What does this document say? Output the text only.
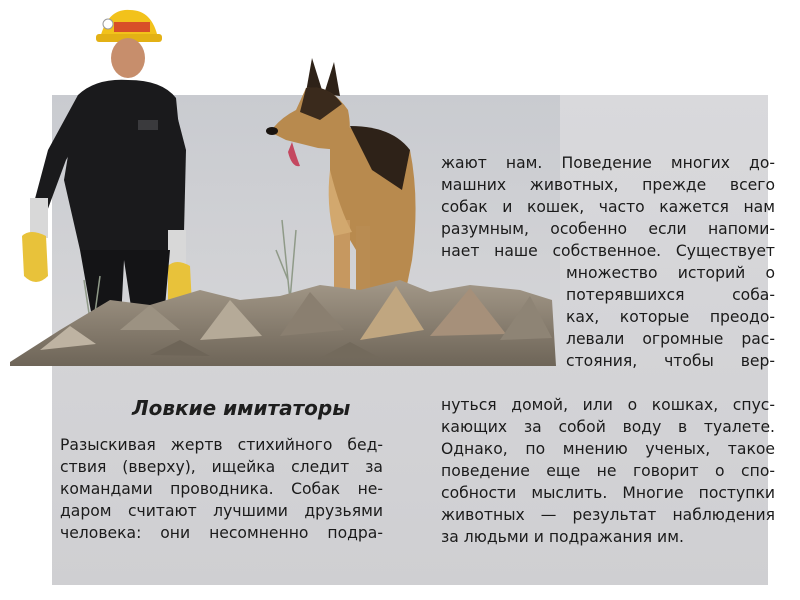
Ловкие имитаторы

Разыскивая жертв стихийного бед-
ствия (вверху), ищейка следит за
командами проводника. Собак не-
даром считают лучшими друзьями
человека: они несомненно подра-

жают нам. Поведение многих до-
машних животных, прежде всего
собак и кошек, часто кажется нам
разумным, особенно если напоми-
нает наше собственное. Существует

множество историй о
потерявшихся соба-
ках, которые преодо-
левали огромные рас-
стояния, чтобы вер-

нуться домой, или о кошках, спус-
кающих за собой воду в туалете.
Однако, по мнению ученых, такое
поведение еще не говорит о спо-
собности мыслить. Многие поступки
животных — результат наблюдения
за людьми и подражания им.
